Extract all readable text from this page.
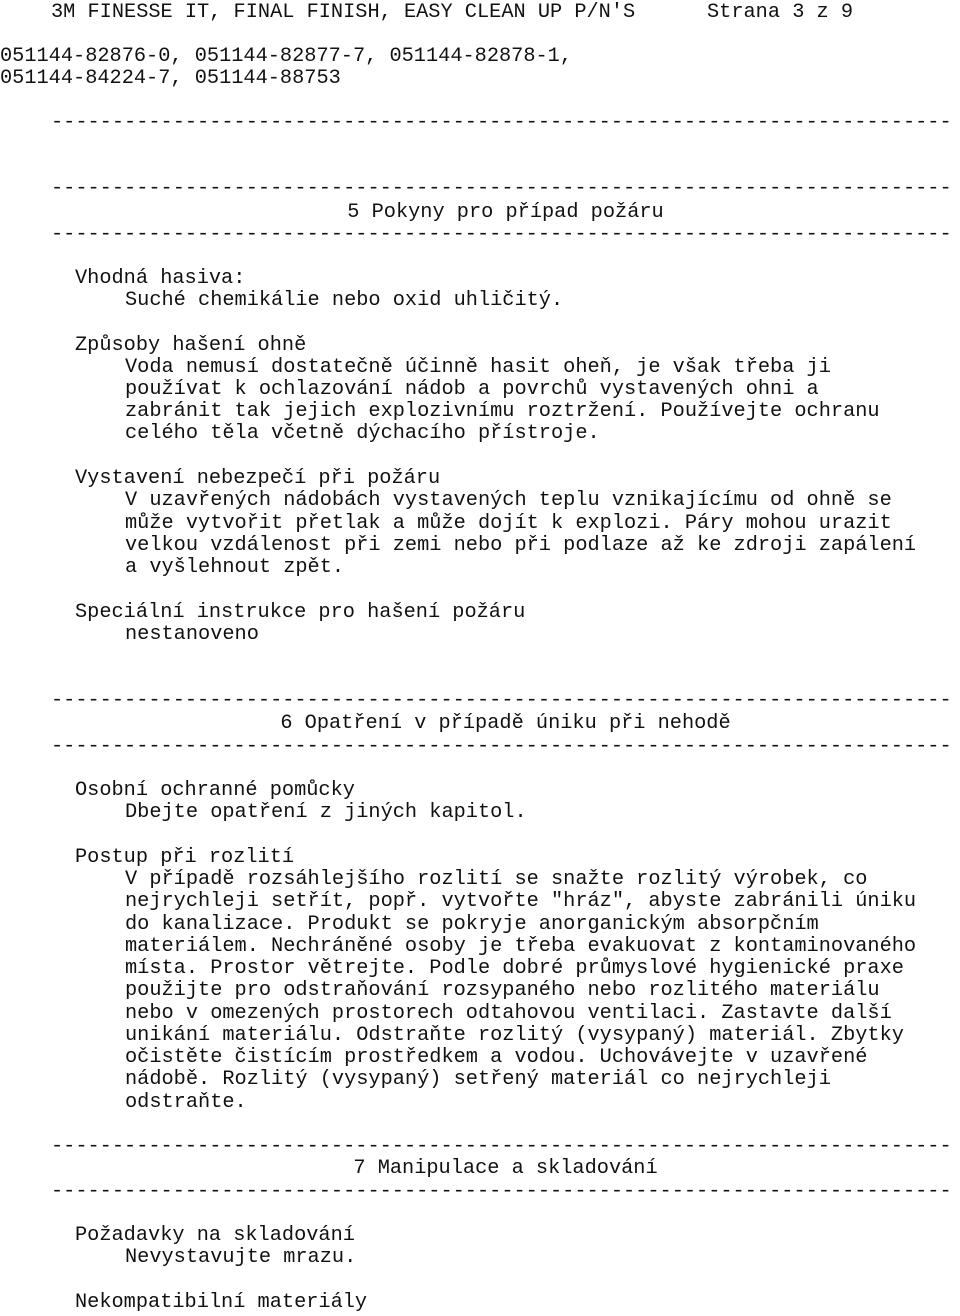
3M FINESSE IT, FINAL FINISH, EASY CLEAN UP P/N'S	Strana 3 z 9
051144-82876-0, 051144-82877-7, 051144-82878-1,
051144-84224-7, 051144-88753
--------------------------------------------------------------------------
--------------------------------------------------------------------------
5 Pokyny pro případ požáru
--------------------------------------------------------------------------
Vhodná hasiva:
Suché chemikálie nebo oxid uhličitý.
Způsoby hašení ohně
Voda nemusí dostatečně účinně hasit oheň, je však třeba ji
používat k ochlazování nádob a povrchů vystavených ohni a
zabránit tak jejich explozivnímu roztržení. Používejte ochranu
celého těla včetně dýchacího přístroje.
Vystavení nebezpečí při požáru
V uzavřených nádobách vystavených teplu vznikajícímu od ohně se
může vytvořit přetlak a může dojít k explozi. Páry mohou urazit
velkou vzdálenost při zemi nebo při podlaze až ke zdroji zapálení
a vyšlehnout zpět.
Speciální instrukce pro hašení požáru
nestanoveno
--------------------------------------------------------------------------
6 Opatření v případě úniku při nehodě
--------------------------------------------------------------------------
Osobní ochranné pomůcky
Dbejte opatření z jiných kapitol.
Postup při rozlití
V případě rozsáhlejšího rozlití se snažte rozlitý výrobek, co
nejrychleji setřít, popř. vytvořte "hráz", abyste zabránili úniku
do kanalizace. Produkt se pokryje anorganickým absorpčním
materiálem. Nechráněné osoby je třeba evakuovat z kontaminovaného
místa. Prostor větrejte. Podle dobré průmyslové hygienické praxe
použijte pro odstraňování rozsypaného nebo rozlitého materiálu
nebo v omezených prostorech odtahovou ventilaci. Zastavte další
unikání materiálu. Odstraňte rozlitý (vysypaný) materiál. Zbytky
očistěte čistícím prostředkem a vodou. Uchovávejte v uzavřené
nádobě. Rozlitý (vysypaný) setřený materiál co nejrychleji
odstraňte.
--------------------------------------------------------------------------
7 Manipulace a skladování
--------------------------------------------------------------------------
Požadavky na skladování
Nevystavujte mrazu.
Nekompatibilní materiály
